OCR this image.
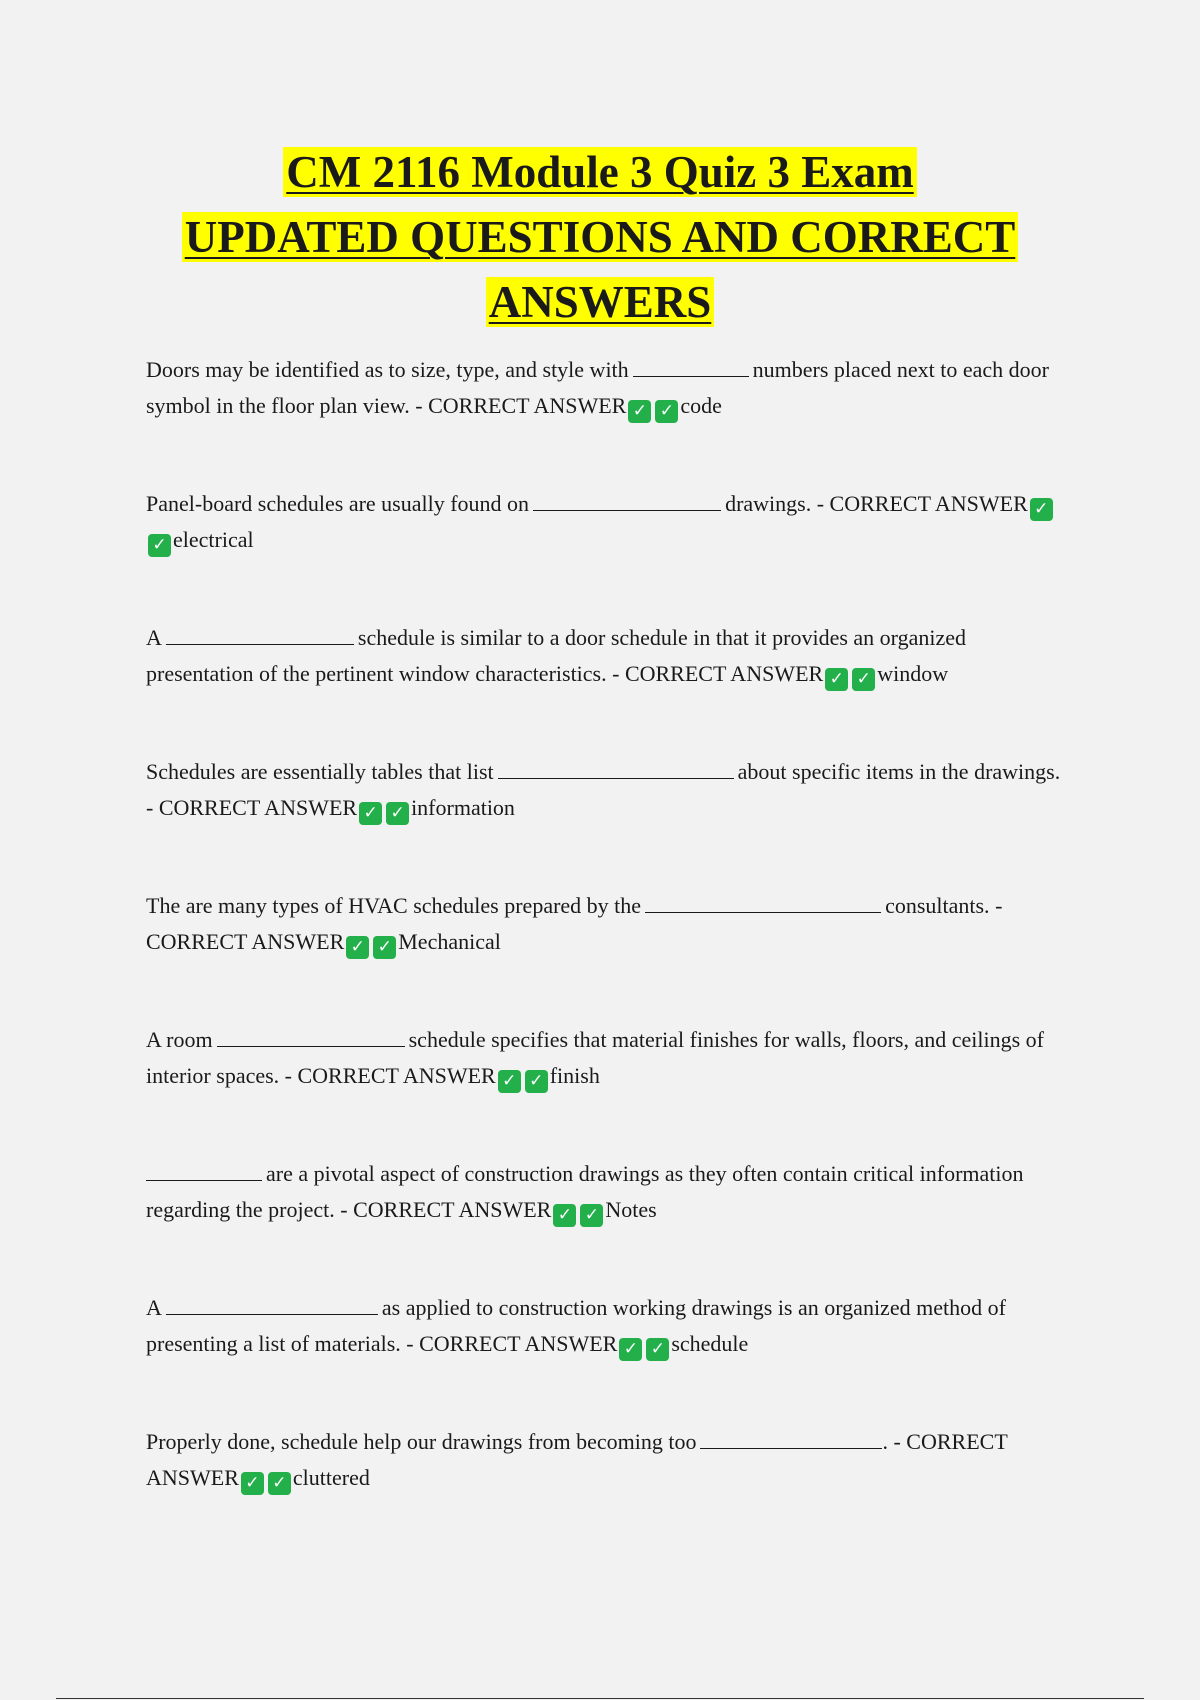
CM 2116 Module 3 Quiz 3 Exam
UPDATED QUESTIONS AND CORRECT
ANSWERS

Doors may be identified as to size, type, and style with	numbers placed next to each door symbol in the floor plan view. - CORRECT ANSWER ✓ ✓ code

Panel-board schedules are usually found on	drawings. - CORRECT ANSWER ✓✓ electrical

A	schedule is similar to a door schedule in that it provides an organized presentation of the pertinent window characteristics. - CORRECT ANSWER ✓ ✓ window

Schedules are essentially tables that list	about specific items in the drawings. - CORRECT ANSWER ✓ ✓ information

The are many types of HVAC schedules prepared by the	consultants. - CORRECT ANSWER ✓ ✓ Mechanical

A room	schedule specifies that material finishes for walls, floors, and ceilings of interior spaces. - CORRECT ANSWER ✓ ✓ finish

are a pivotal aspect of construction drawings as they often contain critical information regarding the project. - CORRECT ANSWER ✓ ✓ Notes

A	as applied to construction working drawings is an organized method of presenting a list of materials. - CORRECT ANSWER ✓ ✓ schedule

Properly done, schedule help our drawings from becoming too	. - CORRECT ANSWER ✓ ✓ cluttered
